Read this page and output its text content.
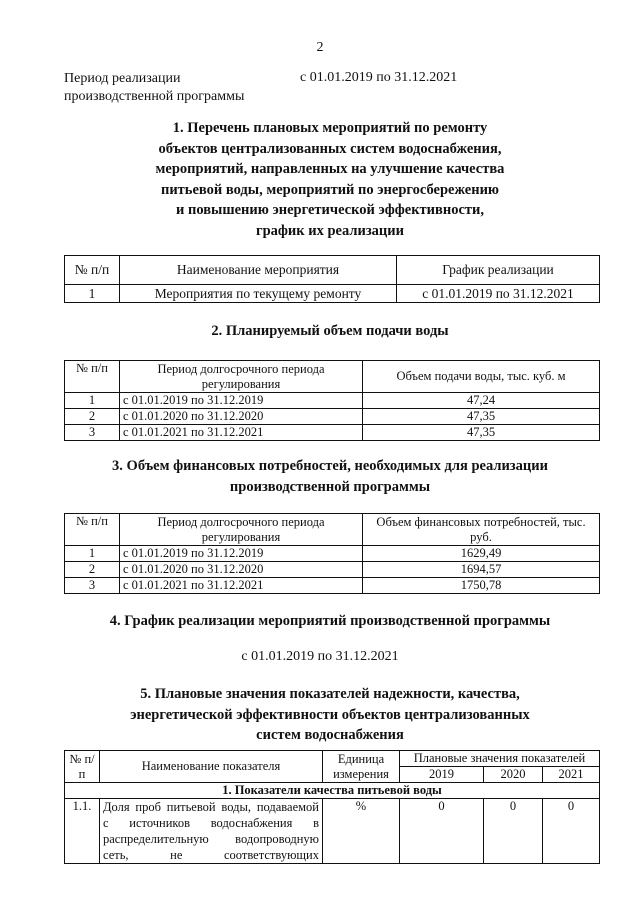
2
Период реализации
производственной программы
с 01.01.2019 по 31.12.2021
1. Перечень плановых мероприятий по ремонту
объектов централизованных систем водоснабжения,
мероприятий, направленных на улучшение качества
питьевой воды, мероприятий по энергосбережению
и повышению энергетической эффективности,
график их реализации
№ п/п	Наименование мероприятия	График реализации
1	Мероприятия по текущему ремонту	с 01.01.2019 по 31.12.2021
2. Планируемый объем подачи воды
№ п/п	Период долгосрочного периода регулирования	Объем подачи воды, тыс. куб. м
1	с 01.01.2019 по 31.12.2019	47,24
2	с 01.01.2020 по 31.12.2020	47,35
3	с 01.01.2021 по 31.12.2021	47,35
3. Объем финансовых потребностей, необходимых для реализации
производственной программы
№ п/п	Период долгосрочного периода регулирования	Объем финансовых потребностей, тыс. руб.
1	с 01.01.2019 по 31.12.2019	1629,49
2	с 01.01.2020 по 31.12.2020	1694,57
3	с 01.01.2021 по 31.12.2021	1750,78
4. График реализации мероприятий производственной программы
с 01.01.2019 по 31.12.2021
5. Плановые значения показателей надежности, качества,
энергетической эффективности объектов централизованных
систем водоснабжения
№ п/п	Наименование показателя	Единица измерения	Плановые значения показателей		
			2019	2020	2021
1. Показатели качества питьевой воды					
1.1.	Доля проб питьевой воды, подаваемой
с источников водоснабжения в
распределительную водопроводную
сеть, не соответствующих	%	0	0	0
